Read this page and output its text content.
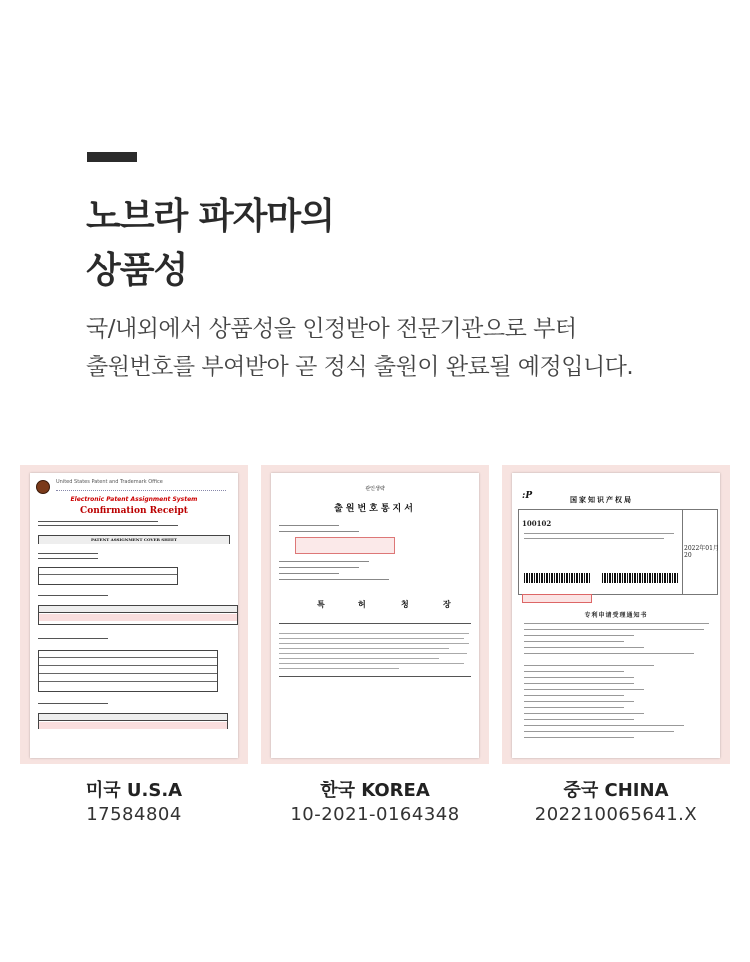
노브라 파자마의
상품성

국/내외에서 상품성을 인정받아 전문기관으로 부터
출원번호를 부여받아 곧 정식 출원이 완료될 예정입니다.

United States Patent and Trademark Office
Electronic Patent Assignment System
Confirmation Receipt
PATENT ASSIGNMENT COVER SHEET
미국 U.S.A
17584804
관인생략
출원번호통지서
특	허	청	장
한국 KOREA
10-2021-0164348
:P	国家知识产权局
100102
2022年01月20
专利申请受理通知书
중국 CHINA
202210065641.X
